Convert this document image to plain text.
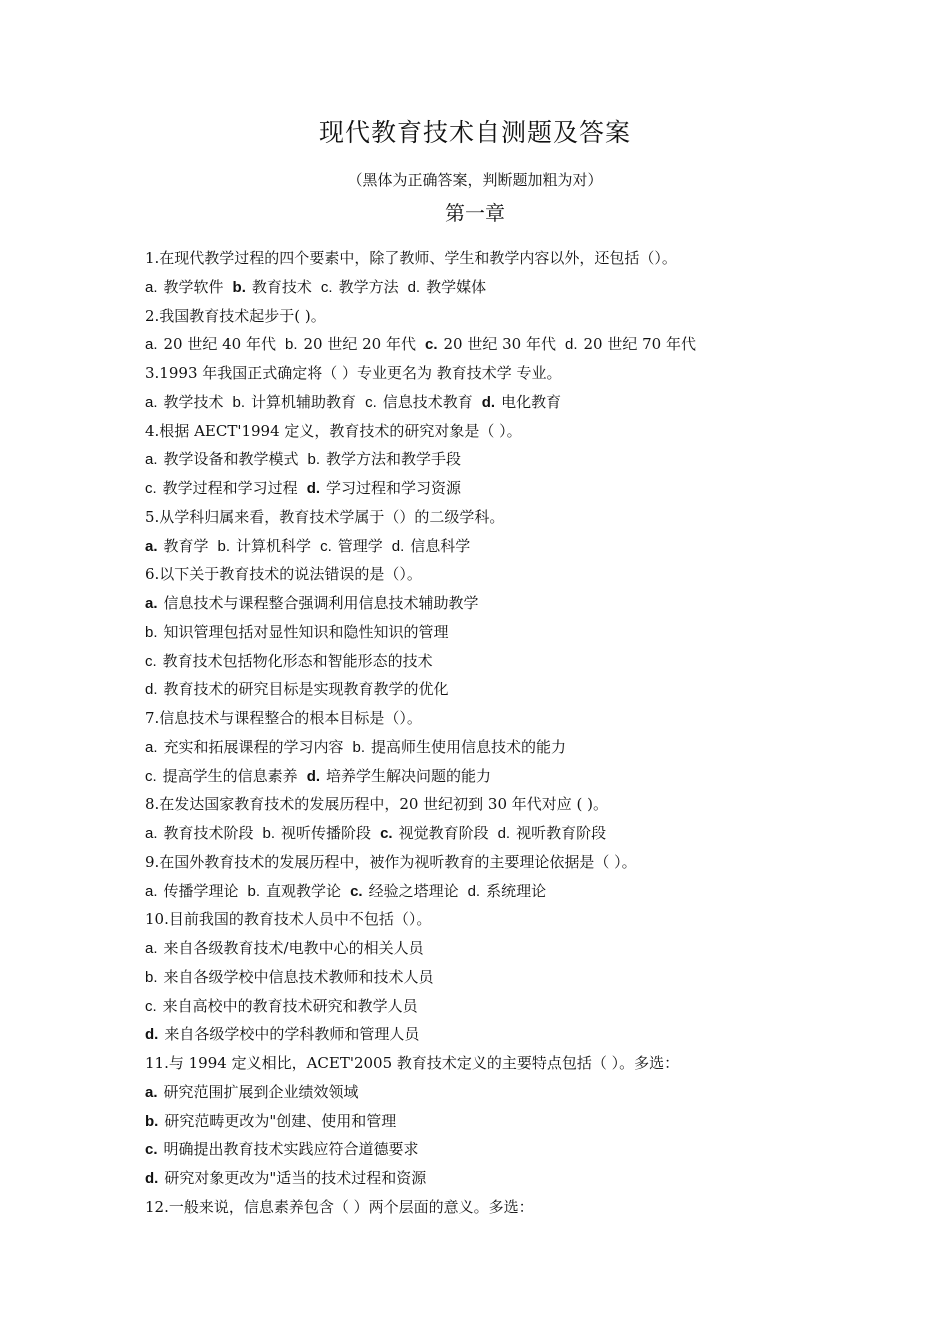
现代教育技术自测题及答案
（黑体为正确答案，判断题加粗为对）
第一章
1.在现代教学过程的四个要素中，除了教师、学生和教学内容以外，还包括（）。
a. 教学软件 b. 教育技术 c. 教学方法 d. 教学媒体
2.我国教育技术起步于( )。
a. 20 世纪 40 年代 b. 20 世纪 20 年代 c. 20 世纪 30 年代 d. 20 世纪 70 年代
3.1993 年我国正式确定将（ ）专业更名为 教育技术学 专业。
a. 教学技术 b. 计算机辅助教育 c. 信息技术教育 d. 电化教育
4.根据 AECT'1994 定义，教育技术的研究对象是（ ）。
a. 教学设备和教学模式 b. 教学方法和教学手段
c. 教学过程和学习过程 d. 学习过程和学习资源
5.从学科归属来看，教育技术学属于（）的二级学科。
a. 教育学 b. 计算机科学 c. 管理学 d. 信息科学
6.以下关于教育技术的说法错误的是（）。
a. 信息技术与课程整合强调利用信息技术辅助教学
b. 知识管理包括对显性知识和隐性知识的管理
c. 教育技术包括物化形态和智能形态的技术
d. 教育技术的研究目标是实现教育教学的优化
7.信息技术与课程整合的根本目标是（）。
a. 充实和拓展课程的学习内容 b. 提高师生使用信息技术的能力
c. 提高学生的信息素养 d. 培养学生解决问题的能力
8.在发达国家教育技术的发展历程中，20 世纪初到 30 年代对应 ( )。
a. 教育技术阶段 b. 视听传播阶段 c. 视觉教育阶段 d. 视听教育阶段
9.在国外教育技术的发展历程中，被作为视听教育的主要理论依据是（ ）。
a. 传播学理论 b. 直观教学论 c. 经验之塔理论 d. 系统理论
10.目前我国的教育技术人员中不包括（）。
a. 来自各级教育技术/电教中心的相关人员
b. 来自各级学校中信息技术教师和技术人员
c. 来自高校中的教育技术研究和教学人员
d. 来自各级学校中的学科教师和管理人员
11.与 1994 定义相比，ACET'2005 教育技术定义的主要特点包括（ ）。多选：
a. 研究范围扩展到企业绩效领域
b. 研究范畴更改为"创建、使用和管理
c. 明确提出教育技术实践应符合道德要求
d. 研究对象更改为"适当的技术过程和资源
12.一般来说，信息素养包含（ ）两个层面的意义。多选：
